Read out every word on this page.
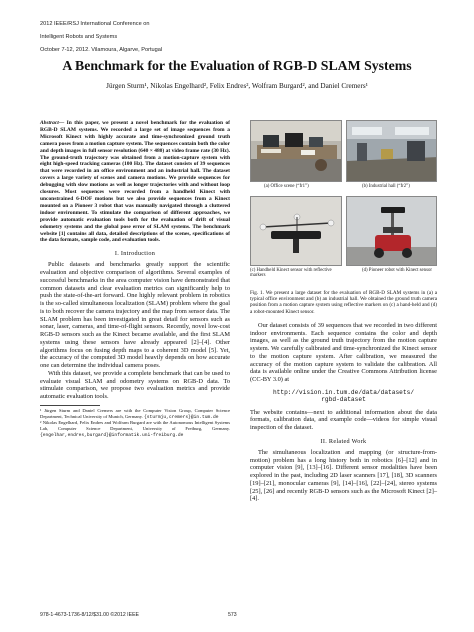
2012 IEEE/RSJ International Conference on

Intelligent Robots and Systems

October 7-12, 2012. Vilamoura, Algarve, Portugal

A Benchmark for the Evaluation of RGB-D SLAM Systems
Jürgen Sturm¹, Nikolas Engelhard², Felix Endres², Wolfram Burgard², and Daniel Cremers¹
Abstract— In this paper, we present a novel benchmark for the evaluation of RGB-D SLAM systems. We recorded a large set of image sequences from a Microsoft Kinect with highly accurate and time-synchronized ground truth camera poses from a motion capture system. The sequences contain both the color and depth images in full sensor resolution (640 × 480) at video frame rate (30 Hz). The ground-truth trajectory was obtained from a motion-capture system with eight high-speed tracking cameras (100 Hz). The dataset consists of 39 sequences that were recorded in an office environment and an industrial hall. The dataset covers a large variety of scenes and camera motions. We provide sequences for debugging with slow motions as well as longer trajectories with and without loop closures. Most sequences were recorded from a handheld Kinect with unconstrained 6-DOF motions but we also provide sequences from a Kinect mounted on a Pioneer 3 robot that was manually navigated through a cluttered indoor environment. To stimulate the comparison of different approaches, we provide automatic evaluation tools both for the evaluation of drift of visual odometry systems and the global pose error of SLAM systems. The benchmark website [1] contains all data, detailed descriptions of the scenes, specifications of the data formats, sample code, and evaluation tools.
I. Introduction

Public datasets and benchmarks greatly support the scientific evaluation and objective comparison of algorithms. Several examples of successful benchmarks in the area computer vision have demonstrated that common datasets and clear evaluation metrics can significantly help to push the state-of-the-art forward. One highly relevant problem in robotics is the so-called simultaneous localization (SLAM) problem where the goal is to both recover the camera trajectory and the map from sensor data. The SLAM problem has been investigated in great detail for sensors such as sonar, laser, cameras, and time-of-flight sensors. Recently, novel low-cost RGB-D sensors such as the Kinect became available, and the first SLAM systems using these sensors have already appeared [2]–[4]. Other algorithms focus on fusing depth maps to a coherent 3D model [5]. Yet, the accuracy of the computed 3D model heavily depends on how accurate one can determine the individual camera poses.

With this dataset, we provide a complete benchmark that can be used to evaluate visual SLAM and odometry systems on RGB-D data. To stimulate comparison, we propose two evaluation metrics and provide automatic evaluation tools.

¹ Jürgen Sturm and Daniel Cremers are with the Computer Vision Group, Computer Science Department, Technical University of Munich, Germany. {sturmju,cremers}@in.tum.de
² Nikolas Engelhard, Felix Endres and Wolfram Burgard are with the Autonomous Intelligent Systems Lab, Computer Science Department, University of Freiburg, Germany. {engelhar,endres,burgard}@informatik.uni-freiburg.de
(a) Office scene (“fr1”)	(b) Industrial hall (“fr2”)
(c) Handheld Kinect sensor with reflective markers
(d) Pioneer robot with Kinect sensor
Fig. 1. We present a large dataset for the evaluation of RGB-D SLAM systems in (a) a typical office environment and (b) an industrial hall. We obtained the ground truth camera position from a motion capture system using reflective markers on (c) a hand-held and (d) a robot-mounted Kinect sensor.

Our dataset consists of 39 sequences that we recorded in two different indoor environments. Each sequence contains the color and depth images, as well as the ground truth trajectory from the motion capture system. We carefully calibrated and time-synchronized the Kinect sensor to the motion capture system. After calibration, we measured the accuracy of the motion capture system to validate the calibration. All data is available online under the Creative Commons Attribution license (CC-BY 3.0) at

http://vision.in.tum.de/data/datasets/
rgbd-dataset

The website contains—next to additional information about the data formats, calibration data, and example code—videos for simple visual inspection of the dataset.

II. Related Work

The simultaneous localization and mapping (or structure-from-motion) problem has a long history both in robotics [6]–[12] and in computer vision [9], [13]–[16]. Different sensor modalities have been explored in the past, including 2D laser scanners [17], [18], 3D scanners [19]–[21], monocular cameras [9], [14]–[16], [22]–[24], stereo systems [25], [26] and recently RGB-D sensors such as the Microsoft Kinect [2]–[4].

978-1-4673-1736-8/12/$31.00 ©2012 IEEE	573
